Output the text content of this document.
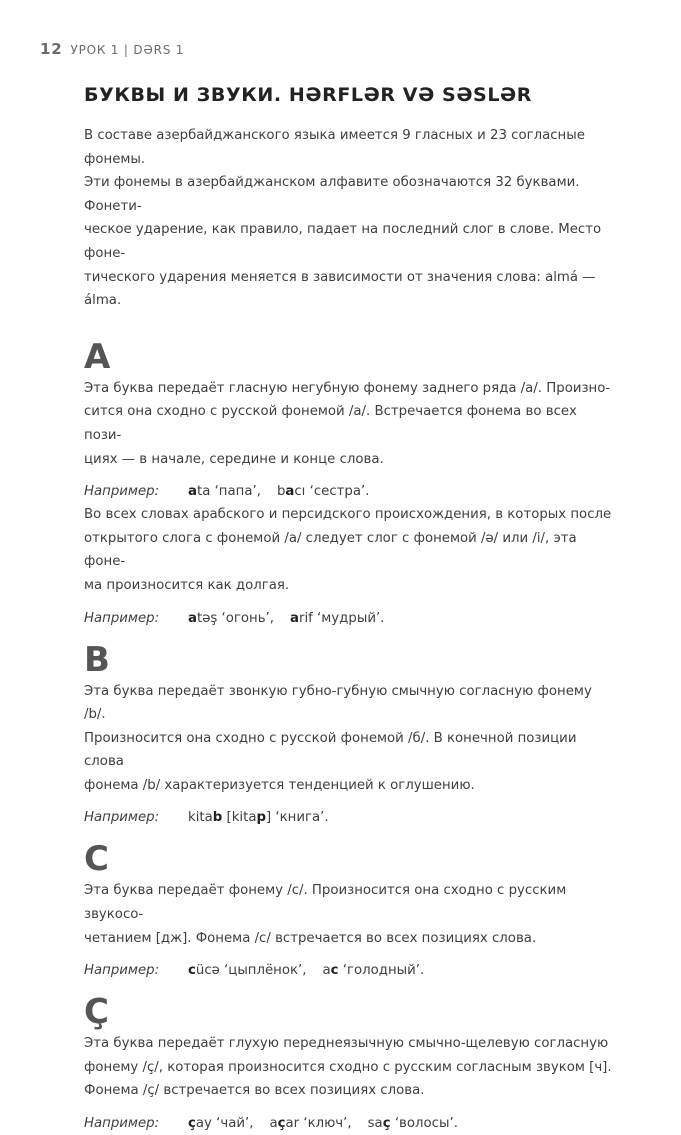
12 УРОК 1 | DƏRS 1
БУКВЫ И ЗВУКИ. HƏRFLƏR VƏ SƏSLƏR

В составе азербайджанского языка имеется 9 гласных и 23 согласные фонемы.
Эти фонемы в азербайджанском алфавите обозначаются 32 буквами. Фонети-
ческое ударение, как правило, падает на последний слог в слове. Место фоне-
тического ударения меняется в зависимости от значения слова: almá — álma.

A

Эта буква передаёт гласную негубную фонему заднего ряда /a/. Произно-
сится она сходно с русской фонемой /а/. Встречается фонема во всех пози-
циях — в начале, середине и конце слова.

Например:	ata ‘папа’, bacı ‘сестра’.

Во всех словах арабского и персидского происхождения, в которых после
открытого слога с фонемой /a/ следует слог с фонемой /ə/ или /i/, эта фоне-
ма произносится как долгая.

Например:	atəş ‘огонь’, arif ‘мудрый’.
B

Эта буква передаёт звонкую губно-губную смычную согласную фонему /b/.
Произносится она сходно с русской фонемой /б/. В конечной позиции слова
фонема /b/ характеризуется тенденцией к оглушению.

Например:	kitab [kitap] ‘книга’.
C

Эта буква передаёт фонему /c/. Произносится она сходно с русским звукосо-
четанием [дж]. Фонема /c/ встречается во всех позициях слова.

Например:	cücə ‘цыплёнок’, ac ‘голодный’.
Ç

Эта буква передаёт глухую переднеязычную смычно-щелевую согласную
фонему /ç/, которая произносится сходно с русским согласным звуком [ч].
Фонема /ç/ встречается во всех позициях слова.

Например:	çay ‘чай’, açar ‘ключ’, saç ‘волосы’.
